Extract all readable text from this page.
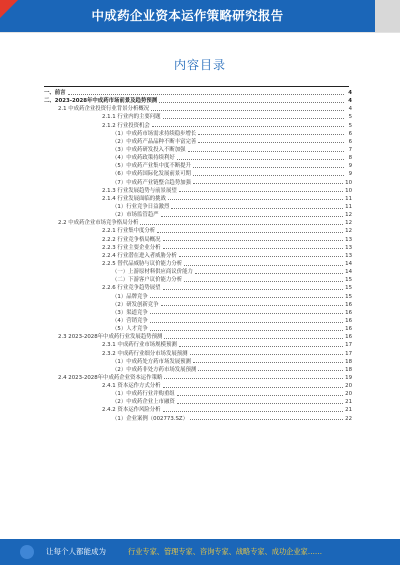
中成药企业资本运作策略研究报告
内容目录
一、前言	4
二、2023-2028年中成药市场前景及趋势预测	4
2.1 中成药企业投资行业背景分析概况	4
2.1.1 行业内的主要问题	5
2.1.2 行业投资机会	5
（1）中成药市场需求持续稳步增长	6
（2）中成药产品品种不断丰富完善	6
（3）中成药研发投入不断加强	7
（4）中成药政策持续利好	8
（5）中成药产业集中度不断提升	9
（6）中成药国际化发展前景可期	9
（7）中成药产业链整合趋势加强	10
2.1.3 行业发展趋势与前景展望	10
2.1.4 行业发展面临的挑战	11
（1）行业竞争日益激烈	11
（2）市场监管趋严	12
2.2 中成药企业市场竞争格局分析	12
2.2.1 行业集中度分析	12
2.2.2 行业竞争格局概况	13
2.2.3 行业主要企业分析	13
2.2.4 行业潜在进入者威胁分析	13
2.2.5 替代品威胁与议价能力分析	14
（一）上游原材料供应商议价能力	14
（二）下游客户议价能力分析	15
2.2.6 行业竞争趋势展望	15
（1）品牌竞争	15
（2）研发创新竞争	16
（3）渠道竞争	16
（4）营销竞争	16
（5）人才竞争	16
2.3 2023-2028年中成药行业发展趋势预测	16
2.3.1 中成药行业市场规模预测	17
2.3.2 中成药行业细分市场发展预测	17
（1）中成药处方药市场发展预测	18
（2）中成药非处方药市场发展预测	18
2.4 2023-2028年中成药企业资本运作策略	19
2.4.1 资本运作方式分析	20
（1）中成药行业并购重组	20
（2）中成药企业上市融资	21
2.4.2 资本运作风险分析	21
（1）企业案例（002773.SZ）	22
让每个人都能成为	行业专家、管理专家、咨询专家、战略专家、成功企业家……
